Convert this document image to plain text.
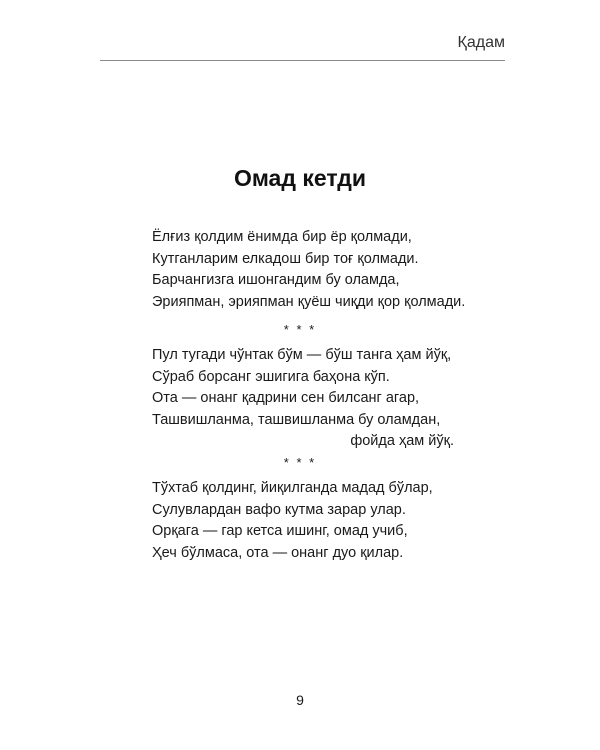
Қадам
Омад кетди
Ёлғиз қолдим ёнимда бир ёр қолмади,
Кутганларим елкадош бир тоғ қолмади.
Барчангизга ишонгандим бу оламда,
Эрияпман, эрияпман қуёш чиқди қор қолмади.
* * *
Пул тугади чўнтак бўм — бўш танга ҳам йўқ,
Сўраб борсанг эшигига баҳона кўп.
Ота — онанг қадрини сен билсанг агар,
Ташвишланма, ташвишланма бу оламдан,
фойда ҳам йўқ.
* * *
Тўхтаб қолдинг, йиқилганда мадад бўлар,
Сулувлардан вафо кутма зарар улар.
Орқага — гар кетса ишинг, омад учиб,
Ҳеч бўлмаса, ота — онанг дуо қилар.
9
